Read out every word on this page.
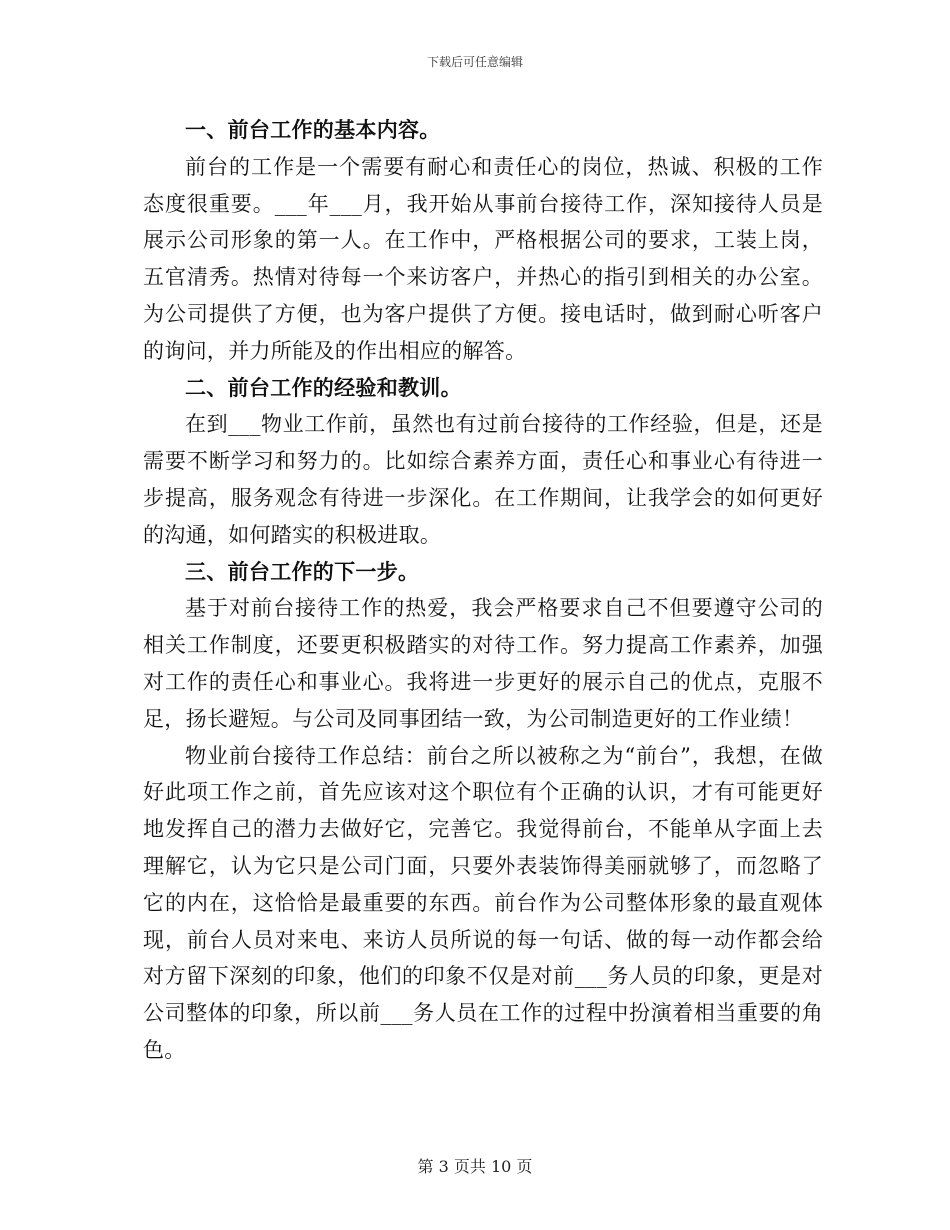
下载后可任意编辑

一、前台工作的基本内容。

前台的工作是一个需要有耐心和责任心的岗位，热诚、积极的工作态度很重要。___年___月，我开始从事前台接待工作，深知接待人员是展示公司形象的第一人。在工作中，严格根据公司的要求，工装上岗，五官清秀。热情对待每一个来访客户，并热心的指引到相关的办公室。为公司提供了方便，也为客户提供了方便。接电话时，做到耐心听客户的询问，并力所能及的作出相应的解答。

二、前台工作的经验和教训。

在到___物业工作前，虽然也有过前台接待的工作经验，但是，还是需要不断学习和努力的。比如综合素养方面，责任心和事业心有待进一步提高，服务观念有待进一步深化。在工作期间，让我学会的如何更好的沟通，如何踏实的积极进取。

三、前台工作的下一步。

基于对前台接待工作的热爱，我会严格要求自己不但要遵守公司的相关工作制度，还要更积极踏实的对待工作。努力提高工作素养，加强对工作的责任心和事业心。我将进一步更好的展示自己的优点，克服不足，扬长避短。与公司及同事团结一致，为公司制造更好的工作业绩！

物业前台接待工作总结：前台之所以被称之为“前台”，我想，在做好此项工作之前，首先应该对这个职位有个正确的认识，才有可能更好地发挥自己的潜力去做好它，完善它。我觉得前台，不能单从字面上去理解它，认为它只是公司门面，只要外表装饰得美丽就够了，而忽略了它的内在，这恰恰是最重要的东西。前台作为公司整体形象的最直观体现，前台人员对来电、来访人员所说的每一句话、做的每一动作都会给对方留下深刻的印象，他们的印象不仅是对前___务人员的印象，更是对公司整体的印象，所以前___务人员在工作的过程中扮演着相当重要的角色。

第 3 页共 10 页
